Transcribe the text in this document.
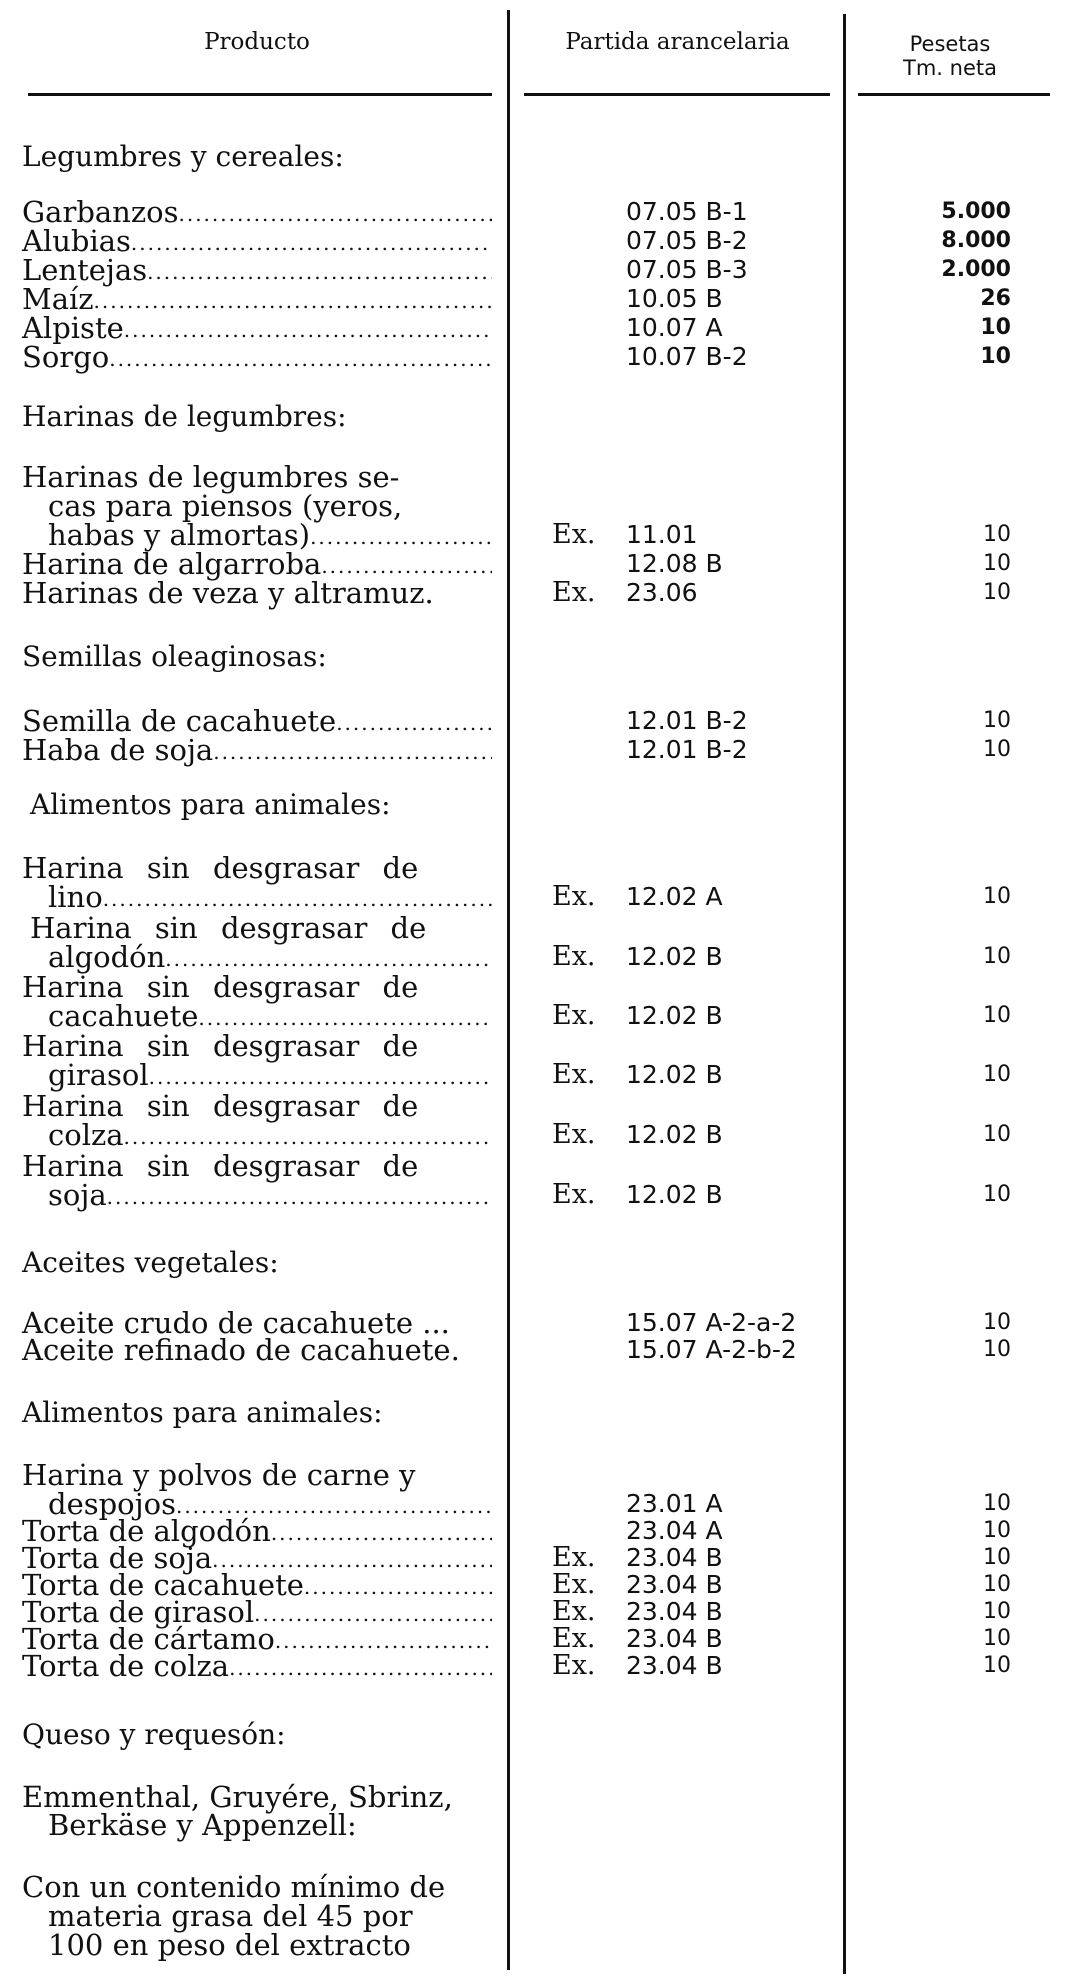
Producto	Partida arancelaria	Pesetas
Tm. neta
Legumbres y cereales:
Garbanzos .....	07.05 B-1	5.000
Alubias .....	07.05 B-2	8.000
Lentejas .....	07.05 B-3	2.000
Maíz .....	10.05 B	26
Alpiste .....	10.07 A	10
Sorgo .....	10.07 B-2	10
Harinas de legumbres:
Harinas de legumbres se-
cas para piensos (yeros,
habas y almortas) .....	Ex. 11.01	10
Harina de algarroba .....	12.08 B	10
Harinas de veza y altramuz.	Ex. 23.06	10
Semillas oleaginosas:
Semilla de cacahuete .....	12.01 B-2	10
Haba de soja .....	12.01 B-2	10
Alimentos para animales:
Harina sin desgrasar de
lino .....	Ex. 12.02 A	10
Harina sin desgrasar de
algodón .....	Ex. 12.02 B	10
Harina sin desgrasar de
cacahuete .....	Ex. 12.02 B	10
Harina sin desgrasar de
girasol .....	Ex. 12.02 B	10
Harina sin desgrasar de
colza .....	Ex. 12.02 B	10
Harina sin desgrasar de
soja .....	Ex. 12.02 B	10
Aceites vegetales:
Aceite crudo de cacahuete ...	15.07 A-2-a-2	10
Aceite refinado de cacahuete.	15.07 A-2-b-2	10
Alimentos para animales:
Harina y polvos de carne y
despojos .....	23.01 A	10
Torta de algodón .....	23.04 A	10
Torta de soja .....	Ex. 23.04 B	10
Torta de cacahuete .....	Ex. 23.04 B	10
Torta de girasol .....	Ex. 23.04 B	10
Torta de cártamo .....	Ex. 23.04 B	10
Torta de colza .....	Ex. 23.04 B	10
Queso y requesón:
Emmenthal, Gruyére, Sbrinz,
Berkäse y Appenzell:
Con un contenido mínimo de
materia grasa del 45 por
100 en peso del extracto
